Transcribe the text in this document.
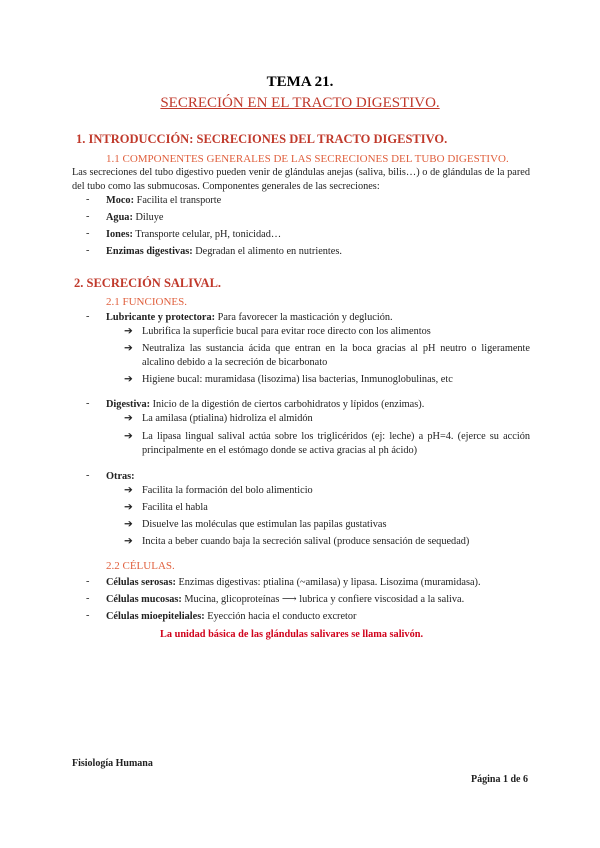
TEMA 21.
SECRECIÓN EN EL TRACTO DIGESTIVO.
1. INTRODUCCIÓN: SECRECIONES DEL TRACTO DIGESTIVO.
1.1 COMPONENTES GENERALES DE LAS SECRECIONES DEL TUBO DIGESTIVO.
Las secreciones del tubo digestivo pueden venir de glándulas anejas (saliva, bilis…) o de glándulas de la pared del tubo como las submucosas. Componentes generales de las secreciones:
- Moco: Facilita el transporte
- Agua: Diluye
- Iones: Transporte celular, pH, tonicidad…
- Enzimas digestivas: Degradan el alimento en nutrientes.
2. SECRECIÓN SALIVAL.
2.1 FUNCIONES.
- Lubricante y protectora: Para favorecer la masticación y deglución.
➔ Lubrifica la superficie bucal para evitar roce directo con los alimentos
➔ Neutraliza las sustancia ácida que entran en la boca gracias al pH neutro o ligeramente alcalino debido a la secreción de bicarbonato
➔ Higiene bucal: muramidasa (lisozima) lisa bacterias, Inmunoglobulinas, etc
- Digestiva: Inicio de la digestión de ciertos carbohidratos y lípidos (enzimas).
➔ La amilasa (ptialina) hidroliza el almidón
➔ La lipasa lingual salival actúa sobre los triglicéridos (ej: leche) a pH=4. (ejerce su acción principalmente en el estómago donde se activa gracias al ph ácido)
- Otras:
➔ Facilita la formación del bolo alimenticio
➔ Facilita el habla
➔ Disuelve las moléculas que estimulan las papilas gustativas
➔ Incita a beber cuando baja la secreción salival (produce sensación de sequedad)
2.2 CÉLULAS.
- Células serosas: Enzimas digestivas: ptialina (~amilasa) y lipasa. Lisozima (muramidasa).
- Células mucosas: Mucina, glicoproteínas ⟶ lubrica y confiere viscosidad a la saliva.
- Células mioepiteliales: Eyección hacia el conducto excretor
La unidad básica de las glándulas salivares se llama salivón.
Fisiología Humana
Página 1 de 6
